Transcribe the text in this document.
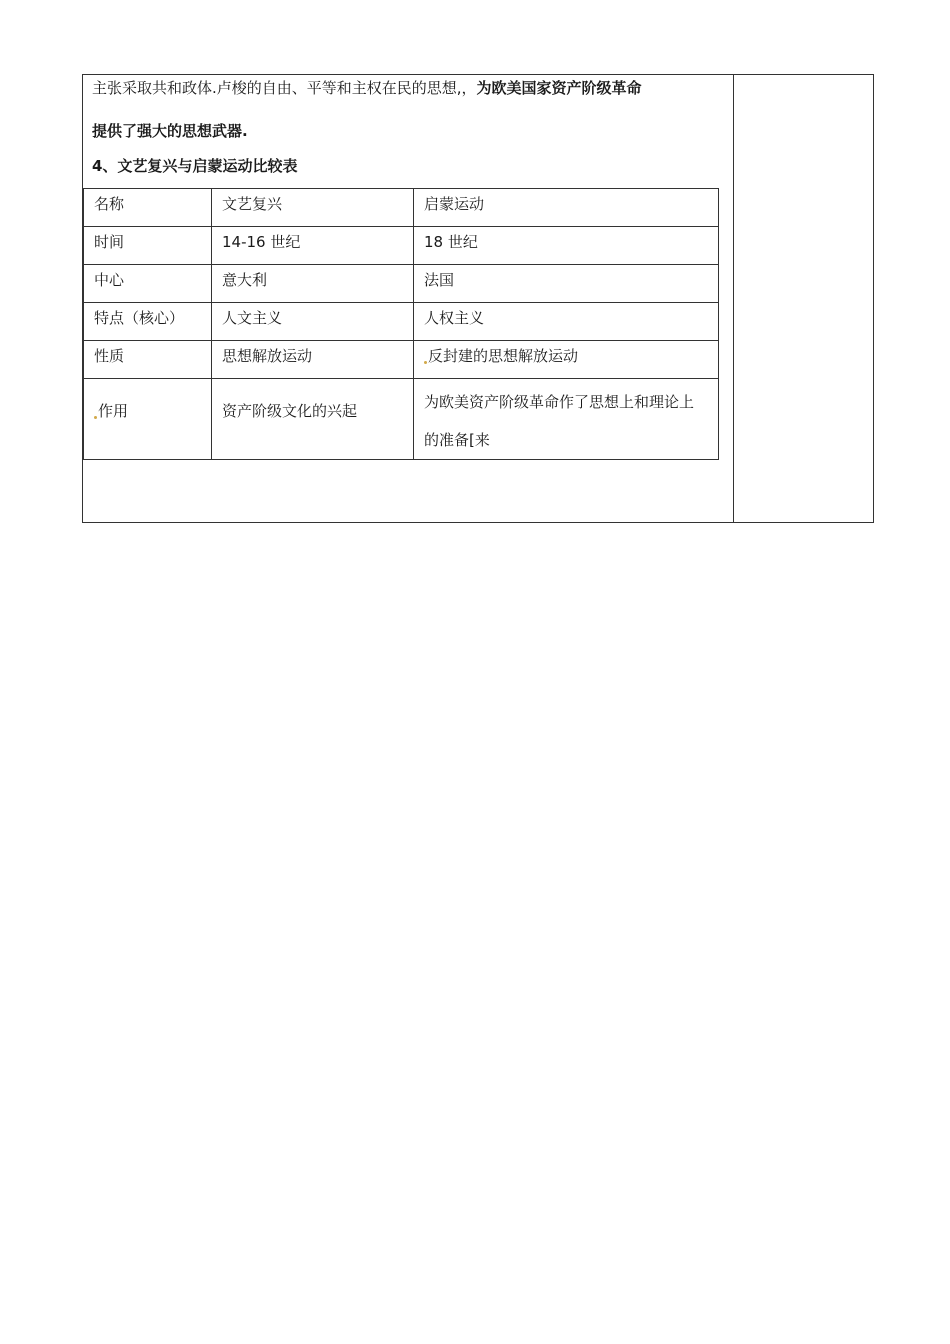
主张采取共和政体.卢梭的自由、平等和主权在民的思想,，为欧美国家资产阶级革命
提供了强大的思想武器.
4、文艺复兴与启蒙运动比较表
名称	文艺复兴	启蒙运动
时间	14-16 世纪	18 世纪
中心	意大利	法国
特点（核心）	人文主义	人权主义
性质	思想解放运动	反封建的思想解放运动
作用	资产阶级文化的兴起	为欧美资产阶级革命作了思想上和理论上的准备[来
